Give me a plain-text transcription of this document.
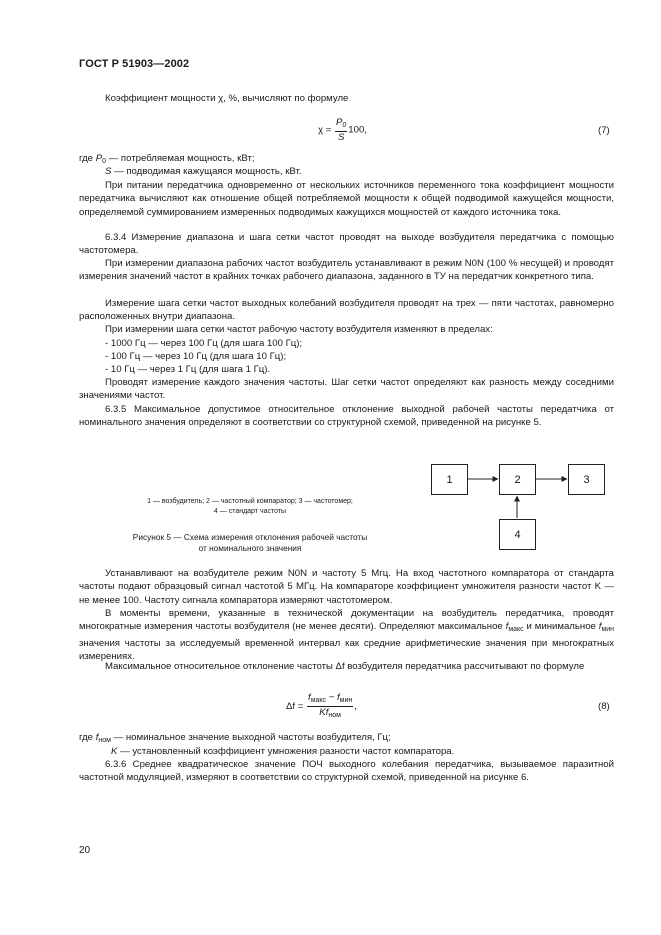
ГОСТ Р 51903—2002
Коэффициент мощности χ, %, вычисляют по формуле
$\chi = \frac{P_0}{S} 100$,	(7)
где $P_0$ — потребляемая мощность, кВт;
S — подводимая кажущаяся мощность, кВт.
При питании передатчика одновременно от нескольких источников переменного тока коэффициент мощности передатчика вычисляют как отношение общей потребляемой мощности к общей подводимой кажущейся мощности, определяемой суммированием измеренных подводимых кажущихся мощностей от каждого источника тока.
6.3.4 Измерение диапазона и шага сетки частот проводят на выходе возбудителя передатчика с помощью частотомера.
При измерении диапазона рабочих частот возбудитель устанавливают в режим N0N (100 % несущей) и проводят измерения значений частот в крайних точках рабочего диапазона, заданного в ТУ на передатчик конкретного типа.
Измерение шага сетки частот выходных колебаний возбудителя проводят на трех — пяти частотах, равномерно расположенных внутри диапазона.
При измерении шага сетки частот рабочую частоту возбудителя изменяют в пределах:
- 1000 Гц — через 100 Гц (для шага 100 Гц);
- 100 Гц — через 10 Гц (для шага 10 Гц);
- 10 Гц — через 1 Гц (для шага 1 Гц).
Проводят измерение каждого значения частоты. Шаг сетки частот определяют как разность между соседними значениями частот.
6.3.5 Максимальное допустимое относительное отклонение выходной рабочей частоты передатчика от номинального значения определяют в соответствии со структурной схемой, приведенной на рисунке 5.
1	2	3
4
1 — возбудитель; 2 — частотный компаратор; 3 — частотомер;
4 — стандарт частоты
Рисунок 5 — Схема измерения отклонения рабочей частоты
от номинального значения
Устанавливают на возбудителе режим N0N и частоту 5 Мгц. На вход частотного компаратора от стандарта частоты подают образцовый сигнал частотой 5 МГц. На компараторе коэффициент умножителя разности частот K — не менее 100. Частоту сигнала компаратора измеряют частотомером.
В моменты времени, указанные в технической документации на возбудитель передатчика, проводят многократные измерения частоты возбудителя (не менее десяти). Определяют максимальное $f_{макс}$ и минимальное $f_{мин}$ значения частоты за исследуемый временной интервал как средние арифметические значения при многократных измерениях.
Максимальное относительное отклонение частоты Δf возбудителя передатчика рассчитывают по формуле
$\Delta f = \frac{f_{макс} - f_{мин}}{Kf_{ном}}$ ,	(8)
где $f_{ном}$ — номинальное значение выходной частоты возбудителя, Гц;
K — установленный коэффициент умножения разности частот компаратора.
6.3.6 Среднее квадратическое значение ПОЧ выходного колебания передатчика, вызываемое паразитной частотной модуляцией, измеряют в соответствии со структурной схемой, приведенной на рисунке 6.
20
